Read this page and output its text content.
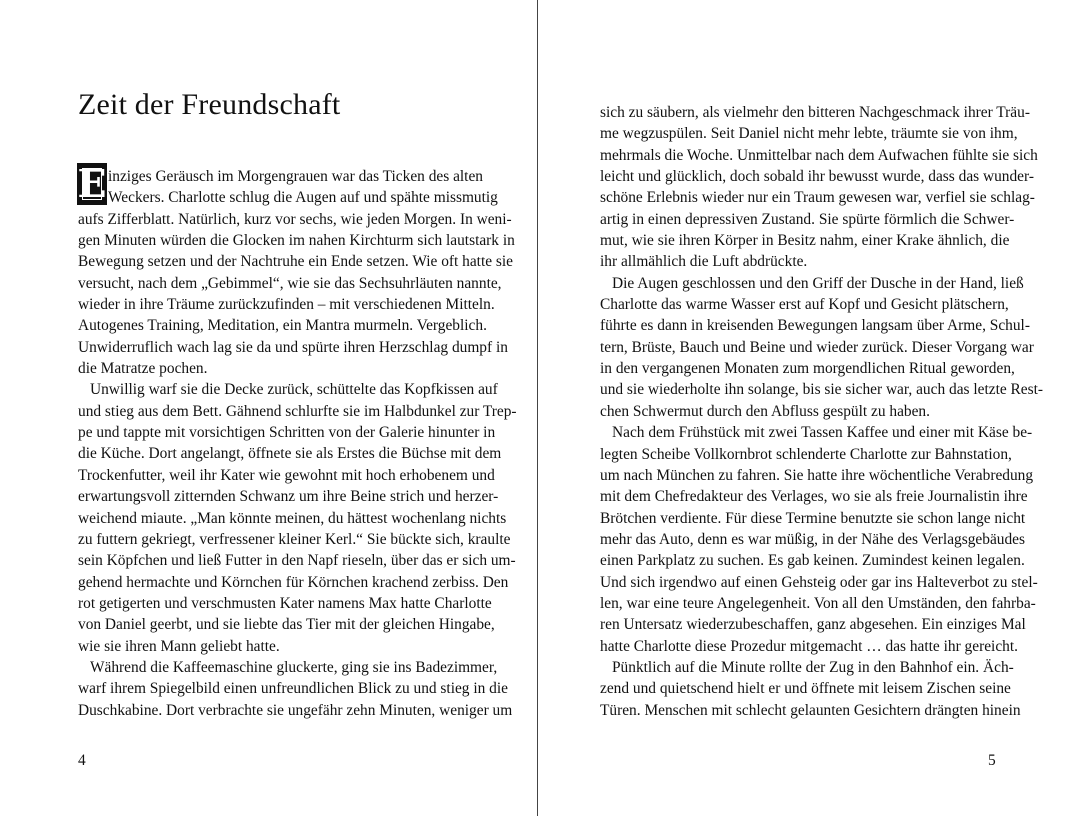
Zeit der Freundschaft
E inziges Geräusch im Morgengrauen war das Ticken des alten
Weckers. Charlotte schlug die Augen auf und spähte missmutig
aufs Zifferblatt. Natürlich, kurz vor sechs, wie jeden Morgen. In weni-
gen Minuten würden die Glocken im nahen Kirchturm sich lautstark in
Bewegung setzen und der Nachtruhe ein Ende setzen. Wie oft hatte sie
versucht, nach dem „Gebimmel“, wie sie das Sechsuhrläuten nannte,
wieder in ihre Träume zurückzufinden – mit verschiedenen Mitteln.
Autogenes Training, Meditation, ein Mantra murmeln. Vergeblich.
Unwiderruflich wach lag sie da und spürte ihren Herzschlag dumpf in
die Matratze pochen.
Unwillig warf sie die Decke zurück, schüttelte das Kopfkissen auf
und stieg aus dem Bett. Gähnend schlurfte sie im Halbdunkel zur Trep-
pe und tappte mit vorsichtigen Schritten von der Galerie hinunter in
die Küche. Dort angelangt, öffnete sie als Erstes die Büchse mit dem
Trockenfutter, weil ihr Kater wie gewohnt mit hoch erhobenem und
erwartungsvoll zitternden Schwanz um ihre Beine strich und herzer-
weichend miaute. „Man könnte meinen, du hättest wochenlang nichts
zu futtern gekriegt, verfressener kleiner Kerl.“ Sie bückte sich, kraulte
sein Köpfchen und ließ Futter in den Napf rieseln, über das er sich um-
gehend hermachte und Körnchen für Körnchen krachend zerbiss. Den
rot getigerten und verschmusten Kater namens Max hatte Charlotte
von Daniel geerbt, und sie liebte das Tier mit der gleichen Hingabe,
wie sie ihren Mann geliebt hatte.
Während die Kaffeemaschine gluckerte, ging sie ins Badezimmer,
warf ihrem Spiegelbild einen unfreundlichen Blick zu und stieg in die
Duschkabine. Dort verbrachte sie ungefähr zehn Minuten, weniger um
4
sich zu säubern, als vielmehr den bitteren Nachgeschmack ihrer Träu-
me wegzuspülen. Seit Daniel nicht mehr lebte, träumte sie von ihm,
mehrmals die Woche. Unmittelbar nach dem Aufwachen fühlte sie sich
leicht und glücklich, doch sobald ihr bewusst wurde, dass das wunder-
schöne Erlebnis wieder nur ein Traum gewesen war, verfiel sie schlag-
artig in einen depressiven Zustand. Sie spürte förmlich die Schwer-
mut, wie sie ihren Körper in Besitz nahm, einer Krake ähnlich, die
ihr allmählich die Luft abdrückte.
Die Augen geschlossen und den Griff der Dusche in der Hand, ließ
Charlotte das warme Wasser erst auf Kopf und Gesicht plätschern,
führte es dann in kreisenden Bewegungen langsam über Arme, Schul-
tern, Brüste, Bauch und Beine und wieder zurück. Dieser Vorgang war
in den vergangenen Monaten zum morgendlichen Ritual geworden,
und sie wiederholte ihn solange, bis sie sicher war, auch das letzte Rest-
chen Schwermut durch den Abfluss gespült zu haben.
Nach dem Frühstück mit zwei Tassen Kaffee und einer mit Käse be-
legten Scheibe Vollkornbrot schlenderte Charlotte zur Bahnstation,
um nach München zu fahren. Sie hatte ihre wöchentliche Verabredung
mit dem Chefredakteur des Verlages, wo sie als freie Journalistin ihre
Brötchen verdiente. Für diese Termine benutzte sie schon lange nicht
mehr das Auto, denn es war müßig, in der Nähe des Verlagsgebäudes
einen Parkplatz zu suchen. Es gab keinen. Zumindest keinen legalen.
Und sich irgendwo auf einen Gehsteig oder gar ins Halteverbot zu stel-
len, war eine teure Angelegenheit. Von all den Umständen, den fahrba-
ren Untersatz wiederzubeschaffen, ganz abgesehen. Ein einziges Mal
hatte Charlotte diese Prozedur mitgemacht … das hatte ihr gereicht.
Pünktlich auf die Minute rollte der Zug in den Bahnhof ein. Äch-
zend und quietschend hielt er und öffnete mit leisem Zischen seine
Türen. Menschen mit schlecht gelaunten Gesichtern drängten hinein
5
